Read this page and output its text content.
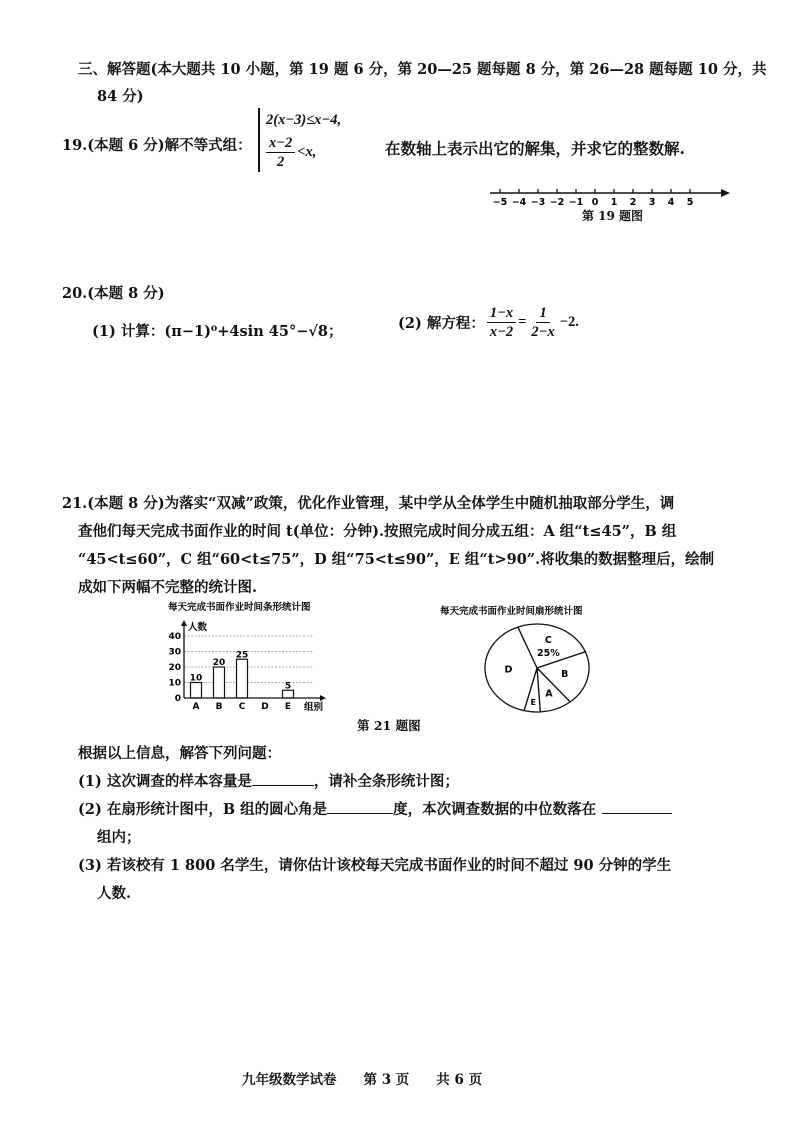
三、解答题(本大题共 10 小题，第 19 题 6 分，第 20—25 题每题 8 分，第 26—28 题每题 10 分，共
84 分)
19.(本题 6 分)解不等式组：
2(x−3)≤x−4,
$\frac{x-2}{2} <x$,	在数轴上表示出它的解集，并求它的整数解.
−5 −4 −3 −2 −1 0 1 2 3 4 5
第 19 题图
20.(本题 8 分)
(1) 计算：(π−1)⁰+4sin 45°−√8；	(2) 解方程： $\frac{1-x}{x-2} = \frac{1}{2-x} -2$.
21.(本题 8 分)为落实“双减”政策，优化作业管理，某中学从全体学生中随机抽取部分学生，调
查他们每天完成书面作业的时间 t(单位：分钟).按照完成时间分成五组：A 组“t≤45”，B 组
“45<t≤60”，C 组“60<t≤75”，D 组“75<t≤90”，E 组“t>90”.将收集的数据整理后，绘制
成如下两幅不完整的统计图.
每天完成书面作业时间条形统计图
0
10
20
30
40
10
20
25
5
A B C D E
人数
组别
每天完成书面作业时间扇形统计图
C
25%
B
A
E
D
第 21 题图
根据以上信息，解答下列问题：
(1) 这次调查的样本容量是	，请补全条形统计图；
(2) 在扇形统计图中，B 组的圆心角是	度，本次调查数据的中位数落在
组内；
(3) 若该校有 1 800 名学生，请你估计该校每天完成书面作业的时间不超过 90 分钟的学生
人数.
九年级数学试卷　　第 3 页　　共 6 页
